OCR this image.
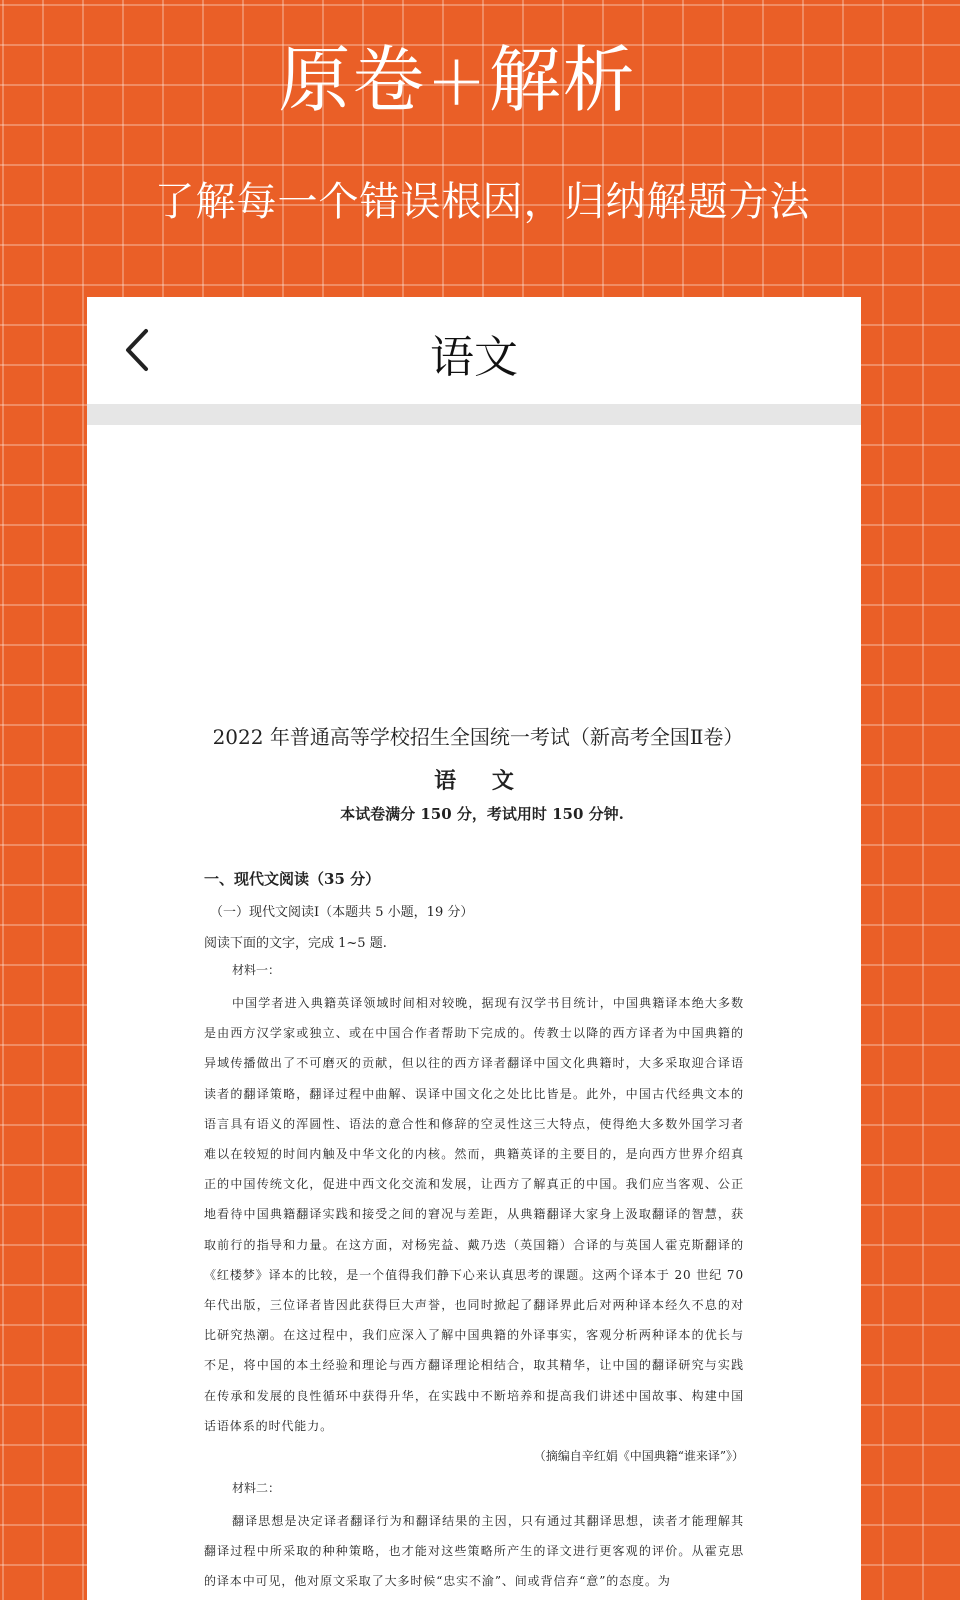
原卷+解析

了解每一个错误根因，归纳解题方法

语文

2022 年普通高等学校招生全国统一考试（新高考全国Ⅱ卷）

语 文

本试卷满分 150 分，考试用时 150 分钟.

一、现代文阅读（35 分）

（一）现代文阅读Ⅰ（本题共 5 小题，19 分）

阅读下面的文字，完成 1~5 题.

材料一：

中国学者进入典籍英译领域时间相对较晚，据现有汉学书目统计，中国典籍译本绝大多数是由西方汉学家或独立、或在中国合作者帮助下完成的。传教士以降的西方译者为中国典籍的异域传播做出了不可磨灭的贡献，但以往的西方译者翻译中国文化典籍时，大多采取迎合译语读者的翻译策略，翻译过程中曲解、误译中国文化之处比比皆是。此外，中国古代经典文本的语言具有语义的浑圆性、语法的意合性和修辞的空灵性这三大特点，使得绝大多数外国学习者难以在较短的时间内触及中华文化的内核。然而，典籍英译的主要目的，是向西方世界介绍真正的中国传统文化，促进中西文化交流和发展，让西方了解真正的中国。我们应当客观、公正地看待中国典籍翻译实践和接受之间的窘况与差距，从典籍翻译大家身上汲取翻译的智慧，获取前行的指导和力量。在这方面，对杨宪益、戴乃迭（英国籍）合译的与英国人霍克斯翻译的《红楼梦》译本的比较，是一个值得我们静下心来认真思考的课题。这两个译本于 20 世纪 70 年代出版，三位译者皆因此获得巨大声誉，也同时掀起了翻译界此后对两种译本经久不息的对比研究热潮。在这过程中，我们应深入了解中国典籍的外译事实，客观分析两种译本的优长与不足，将中国的本土经验和理论与西方翻译理论相结合，取其精华，让中国的翻译研究与实践在传承和发展的良性循环中获得升华，在实践中不断培养和提高我们讲述中国故事、构建中国话语体系的时代能力。

（摘编自辛红娟《中国典籍“谁来译”》）

材料二：

翻译思想是决定译者翻译行为和翻译结果的主因，只有通过其翻译思想，读者才能理解其翻译过程中所采取的种种策略，也才能对这些策略所产生的译文进行更客观的评价。从霍克思的译本中可见，他对原文采取了大多时候“忠实不渝”、间或背信弃“意”的态度。为
